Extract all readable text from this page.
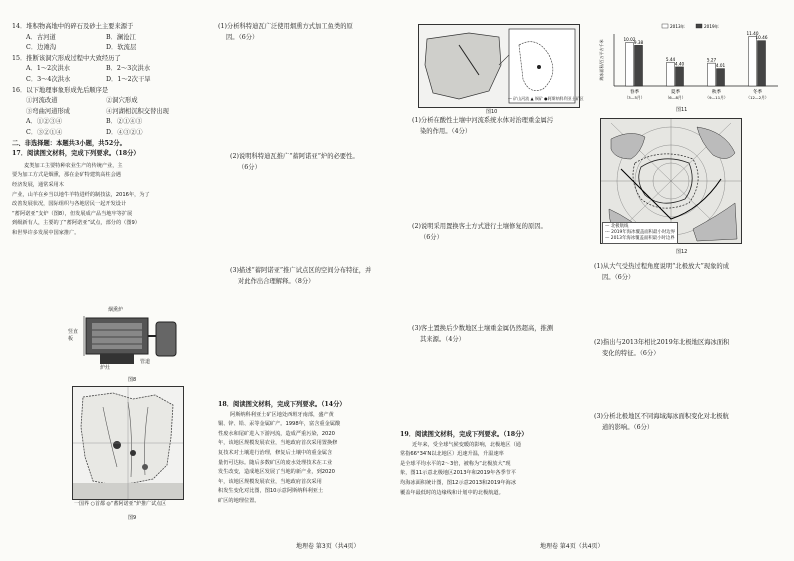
14．堆积物高地中的碎石及砂土主要来源于

A．古河道	B．澜沧江

C．边滩沟	D．软流层

15．推断该洞穴形成过程中大致经历了

A．1～2次洪水	B．2～3次洪水

C．3～4次洪水	D．1～2次干旱

16．以下地理事象形成先后顺序是

①河流改道	②洞穴形成

③弯曲河道形成	④河湖相沉积交替出现

A．①②③④	B．②①④③

C．③②①④	D．④③②①

二、非选择题：本题共3小题，共52分。

17．阅读图文材料，完成下列要求。（18分）

麦类加工主要特种农业生产的传统产业，主

要为加工方式是烟熏，那在金矿特建筑高柱会遇

经济发展，通常采用木

产业，山羊在乡当以地牛羊特进纤的制技法，2016年，为了

改善发展状况，国际组织与各地居民一起开发设计

“蓄阿诺亚”支炉（图8），但发展成产品当地牢等扩展

到级新有人，主要的了“蓄阿诺亚”试点，部分的（图9）

和世界许多发展中国家推广。

烟熏炉
竖直板
炉灶
管道
图8
一国界 ○首都 ◎“蓄阿诺亚”炉推广试点区
图9

(1)分析科特迪瓦广泛使用烟熏方式加工鱼类的原

因。（6分）

(2)说明科特迪瓦推广“蓄阿诺亚”炉的必要性。

（6分）

(3)描述“蓄阿诺亚”推广试点区的空间分布特征，并

对此作出合理解释。（8分）

18．阅读图文材料，完成下列要求。（14分）

阿斯纳科利亚土矿区地处西班牙南部，盛产黄

铜、锌、铅、汞等金属矿产。1998年，富含重金属酸

性废水和尾矿进入下游河流，造成严重污染，2020

年，该地区规模发展农业，当地政府首次采用置换修

复技术对土壤进行治理，修复后土壤中的重金属含

量仍可达标。随后多数矿区的废水处理技术在工业

发生改变，造成地区发展了当地的新产业，到2020

年，该地区规模发展农业，当地政府首次采用

积发生变化对比图，图10示意阿斯纳科利亚土

矿区的地理位置。

— 矿山河流 ▲ 铜矿 ●阿斯纳科利亚土矿区
图10

(1)分析在酸性土壤中河流系统水体对治理重金属污

染的作用。（4分）

(2)说明采用置换客土方式进行土壤修复的原因。

（6分）

(3)客土置换后少数地区土壤重金属仍然超高，推测

其来源。（4分）

19．阅读图文材料，完成下列要求。（18分）

近年来，受全球气候变暖的影响，北极地区（通

常指66°34′N以北地区）迅速升温，升温速率

是全球平均水平的2～3倍，被称为“北极放大”现

象，图11示意北极地区2013年和2019年各季节平

均海冰面积统计图，图12示意2013和2019年海冰

覆盖年最低时的边缘线和计划中的北极航道。

海冰面积/百万平方千米
2013年	2019年
10.02
9.38
春季
（3—5月）
5.44
4.40
夏季
（6—8月）
5.27
4.01
秋季
（9—11月）
11.40
10.46
冬季
（12—2月）
图11
— 北极航线
--- 2019年海冰覆盖面积最小时边界
— 2013年海冰覆盖面积最小时边界
图12

(1)从大气受热过程角度说明“北极放大”现象的成

因。（6分）

(2)指出与2013年相比2019年北极地区海冰面积

变化的特征。（6分）

(3)分析北极地区不同海域海冰面积变化对北极航

道的影响。（6分）

地理卷 第3页（共4页）	地理卷 第4页（共4页）
